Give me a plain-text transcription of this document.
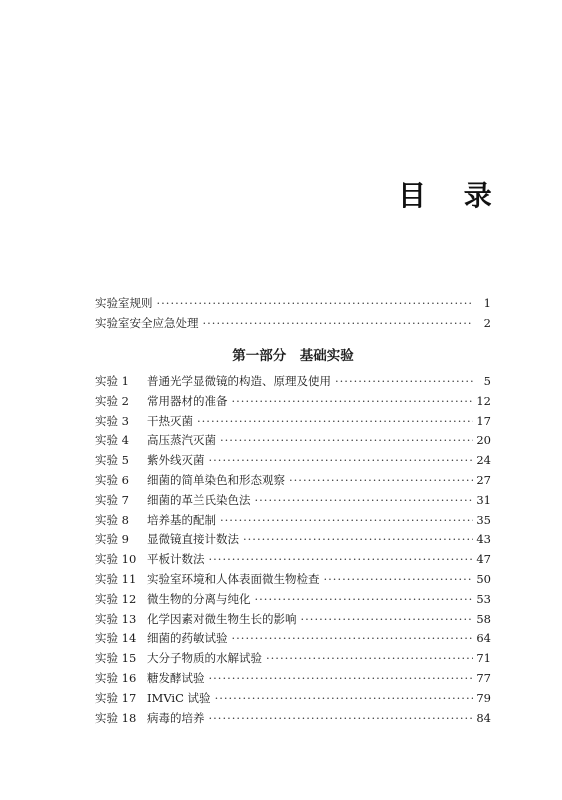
目 录
实验室规则 ·····	1
实验室安全应急处理 ·····	2
第一部分　基础实验
实验 1	普通光学显微镜的构造、原理及使用 ·····	5
实验 2	常用器材的准备 ·····	12
实验 3	干热灭菌 ·····	17
实验 4	高压蒸汽灭菌 ·····	20
实验 5	紫外线灭菌 ·····	24
实验 6	细菌的简单染色和形态观察 ·····	27
实验 7	细菌的革兰氏染色法 ·····	31
实验 8	培养基的配制 ·····	35
实验 9	显微镜直接计数法 ·····	43
实验 10 平板计数法 ·····	47
实验 11 实验室环境和人体表面微生物检查 ·····	50
实验 12 微生物的分离与纯化 ·····	53
实验 13 化学因素对微生物生长的影响 ·····	58
实验 14 细菌的药敏试验 ·····	64
实验 15 大分子物质的水解试验 ·····	71
实验 16 糖发酵试验 ·····	77
实验 17 IMViC 试验 ·····	79
实验 18 病毒的培养 ·····	84
